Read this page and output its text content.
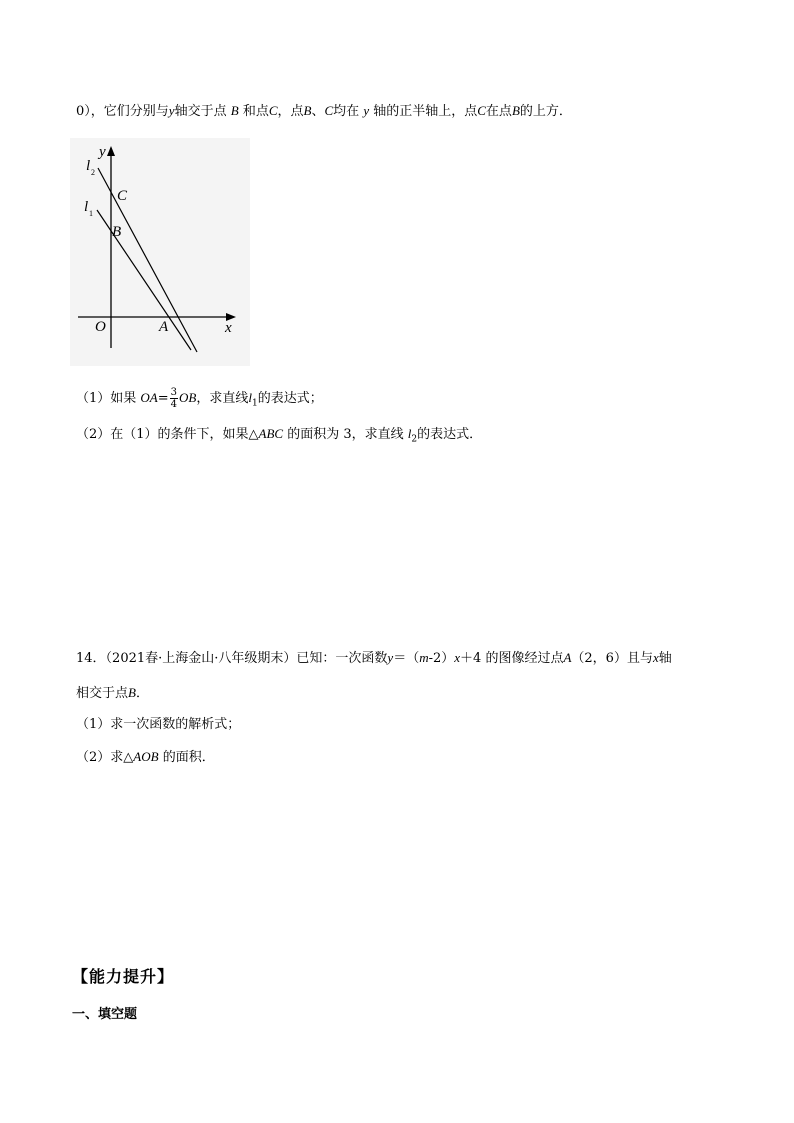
0），它们分别与y轴交于点 B 和点C，点B、C均在 y 轴的正半轴上，点C在点B的上方．
y
x
O	A
B
C
l 2
l 1
（1）如果 $OA= \frac{3}{4}$ OB，求直线$l_1$的表达式；
（2）在（1）的条件下，如果△ABC 的面积为 3，求直线 $l_2$的表达式．
14．（2021春·上海金山·八年级期末）已知：一次函数y＝（m-2）x＋4 的图像经过点A（2，6）且与x轴
相交于点B．
（1）求一次函数的解析式；
（2）求△AOB 的面积．
【能力提升】
一、填空题
